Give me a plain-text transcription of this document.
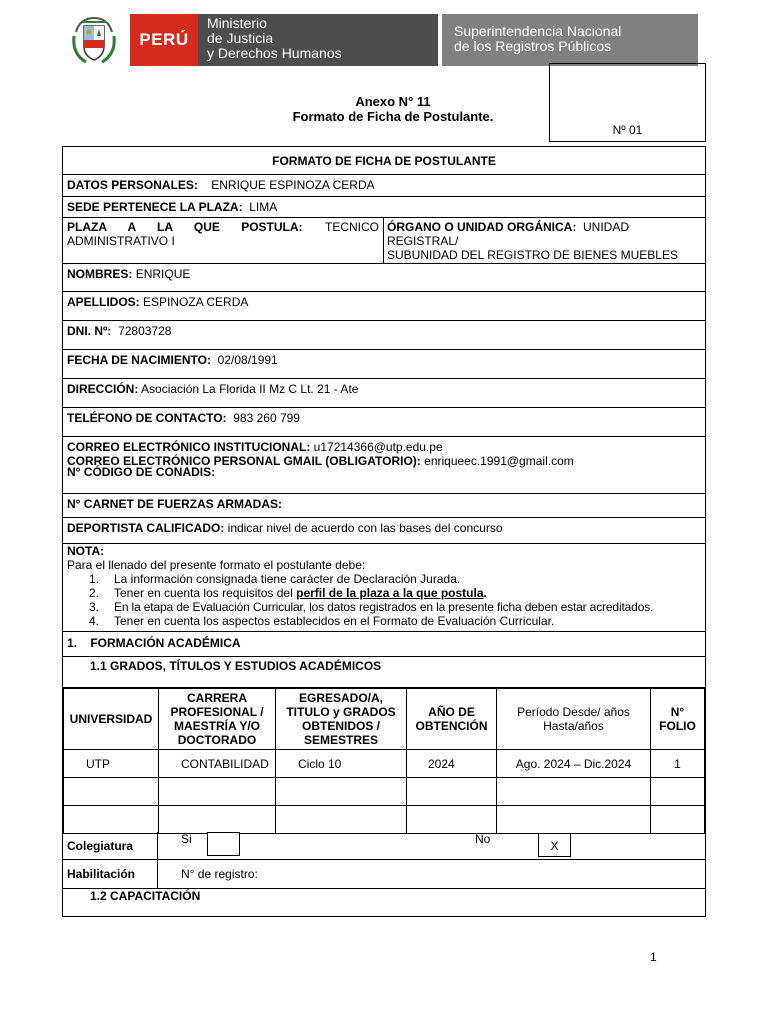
PERÚ
Ministerio
de Justicia
y Derechos Humanos
Superintendencia Nacional
de los Registros Públicos
Anexo N° 11
Formato de Ficha de Postulante.
Nº 01
FORMATO DE FICHA DE POSTULANTE
DATOS PERSONALES: ENRIQUE ESPINOZA CERDA
SEDE PERTENECE LA PLAZA: LIMA
PLAZA A LA QUE POSTULA: TECNICO
ADMINISTRATIVO I
ÓRGANO O UNIDAD ORGÁNICA: UNIDAD REGISTRAL/
SUBUNIDAD DEL REGISTRO DE BIENES MUEBLES
NOMBRES: ENRIQUE
APELLIDOS: ESPINOZA CERDA
DNI. Nº: 72803728
FECHA DE NACIMIENTO: 02/08/1991
DIRECCIÓN: Asociación La Florida II Mz C Lt. 21 - Ate
TELÉFONO DE CONTACTO: 983 260 799
CORREO ELECTRÓNICO INSTITUCIONAL: u17214366@utp.edu.pe
CORREO ELECTRÓNICO PERSONAL GMAIL (OBLIGATORIO): enriqueec.1991@gmail.com
N° CÓDIGO DE CONADIS:
N° CARNET DE FUERZAS ARMADAS:
DEPORTISTA CALIFICADO: indicar nivel de acuerdo con las bases del concurso
NOTA:
Para el llenado del presente formato el postulante debe:
1. La información consignada tiene carácter de Declaración Jurada.
2. Tener en cuenta los requisitos del perfil de la plaza a la que postula.
3. En la etapa de Evaluación Curricular, los datos registrados en la presente ficha deben estar acreditados.
4. Tener en cuenta los aspectos establecidos en el Formato de Evaluación Curricular.
1.    FORMACIÓN ACADÉMICA
1.1 GRADOS, TÍTULOS Y ESTUDIOS ACADÉMICOS
UNIVERSIDAD	CARRERA PROFESIONAL / MAESTRÍA Y/O DOCTORADO	EGRESADO/A, TITULO y GRADOS OBTENIDOS / SEMESTRES	AÑO DE OBTENCIÓN	Período Desde/ años Hasta/años	N° FOLIO
UTP	CONTABILIDAD	Ciclo 10	2024	Ago. 2024 – Dic.2024	1

Colegiatura	Si	No	X
Habilitación	N° de registro:
1.2 CAPACITACIÓN
1
